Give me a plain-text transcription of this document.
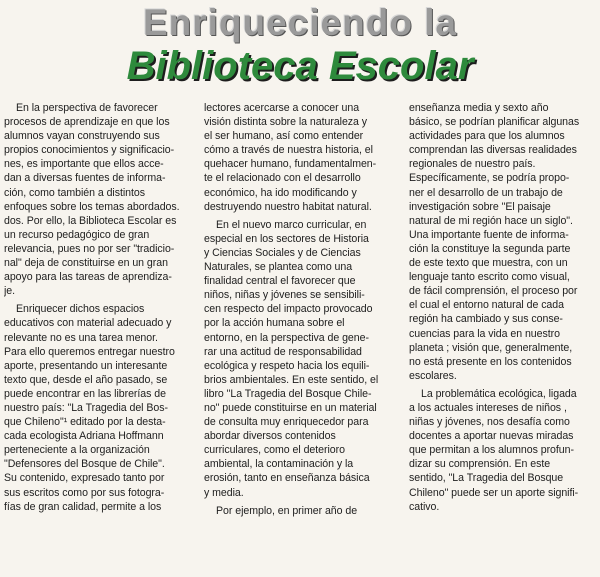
Enriqueciendo la
Biblioteca Escolar

En la perspectiva de favorecer
procesos de aprendizaje en que los
alumnos vayan construyendo sus
propios conocimientos y significacio-
nes, es importante que ellos acce-
dan a diversas fuentes de informa-
ción, como también a distintos
enfoques sobre los temas abordados.
dos. Por ello, la Biblioteca Escolar es
un recurso pedagógico de gran
relevancia, pues no por ser "tradicio-
nal" deja de constituirse en un gran
apoyo para las tareas de aprendiza-
je.

Enriquecer dichos espacios
educativos con material adecuado y
relevante no es una tarea menor.
Para ello queremos entregar nuestro
aporte, presentando un interesante
texto que, desde el año pasado, se
puede encontrar en las librerías de
nuestro país: "La Tragedia del Bos-
que Chileno"¹ editado por la desta-
cada ecologista Adriana Hoffmann
perteneciente a la organización
"Defensores del Bosque de Chile".
Su contenido, expresado tanto por
sus escritos como por sus fotogra-
fías de gran calidad, permite a los

lectores acercarse a conocer una
visión distinta sobre la naturaleza y
el ser humano, así como entender
cómo a través de nuestra historia, el
quehacer humano, fundamentalmen-
te el relacionado con el desarrollo
económico, ha ido modificando y
destruyendo nuestro habitat natural.

En el nuevo marco curricular, en
especial en los sectores de Historia
y Ciencias Sociales y de Ciencias
Naturales, se plantea como una
finalidad central el favorecer que
niños, niñas y jóvenes se sensibili-
cen respecto del impacto provocado
por la acción humana sobre el
entorno, en la perspectiva de gene-
rar una actitud de responsabilidad
ecológica y respeto hacia los equili-
brios ambientales. En este sentido, el
libro "La Tragedia del Bosque Chile-
no" puede constituirse en un material
de consulta muy enriquecedor para
abordar diversos contenidos
curriculares, como el deterioro
ambiental, la contaminación y la
erosión, tanto en enseñanza básica
y media.

Por ejemplo, en primer año de

enseñanza media y sexto año
básico, se podrían planificar algunas
actividades para que los alumnos
comprendan las diversas realidades
regionales de nuestro país.
Específicamente, se podría propo-
ner el desarrollo de un trabajo de
investigación sobre "El paisaje
natural de mi región hace un siglo".
Una importante fuente de informa-
ción la constituye la segunda parte
de este texto que muestra, con un
lenguaje tanto escrito como visual,
de fácil comprensión, el proceso por
el cual el entorno natural de cada
región ha cambiado y sus conse-
cuencias para la vida en nuestro
planeta ; visión que, generalmente,
no está presente en los contenidos
escolares.

La problemática ecológica, ligada
a los actuales intereses de niños ,
niñas y jóvenes, nos desafía como
docentes a aportar nuevas miradas
que permitan a los alumnos profun-
dizar su comprensión. En este
sentido, "La Tragedia del Bosque
Chileno" puede ser un aporte signifi-
cativo.
